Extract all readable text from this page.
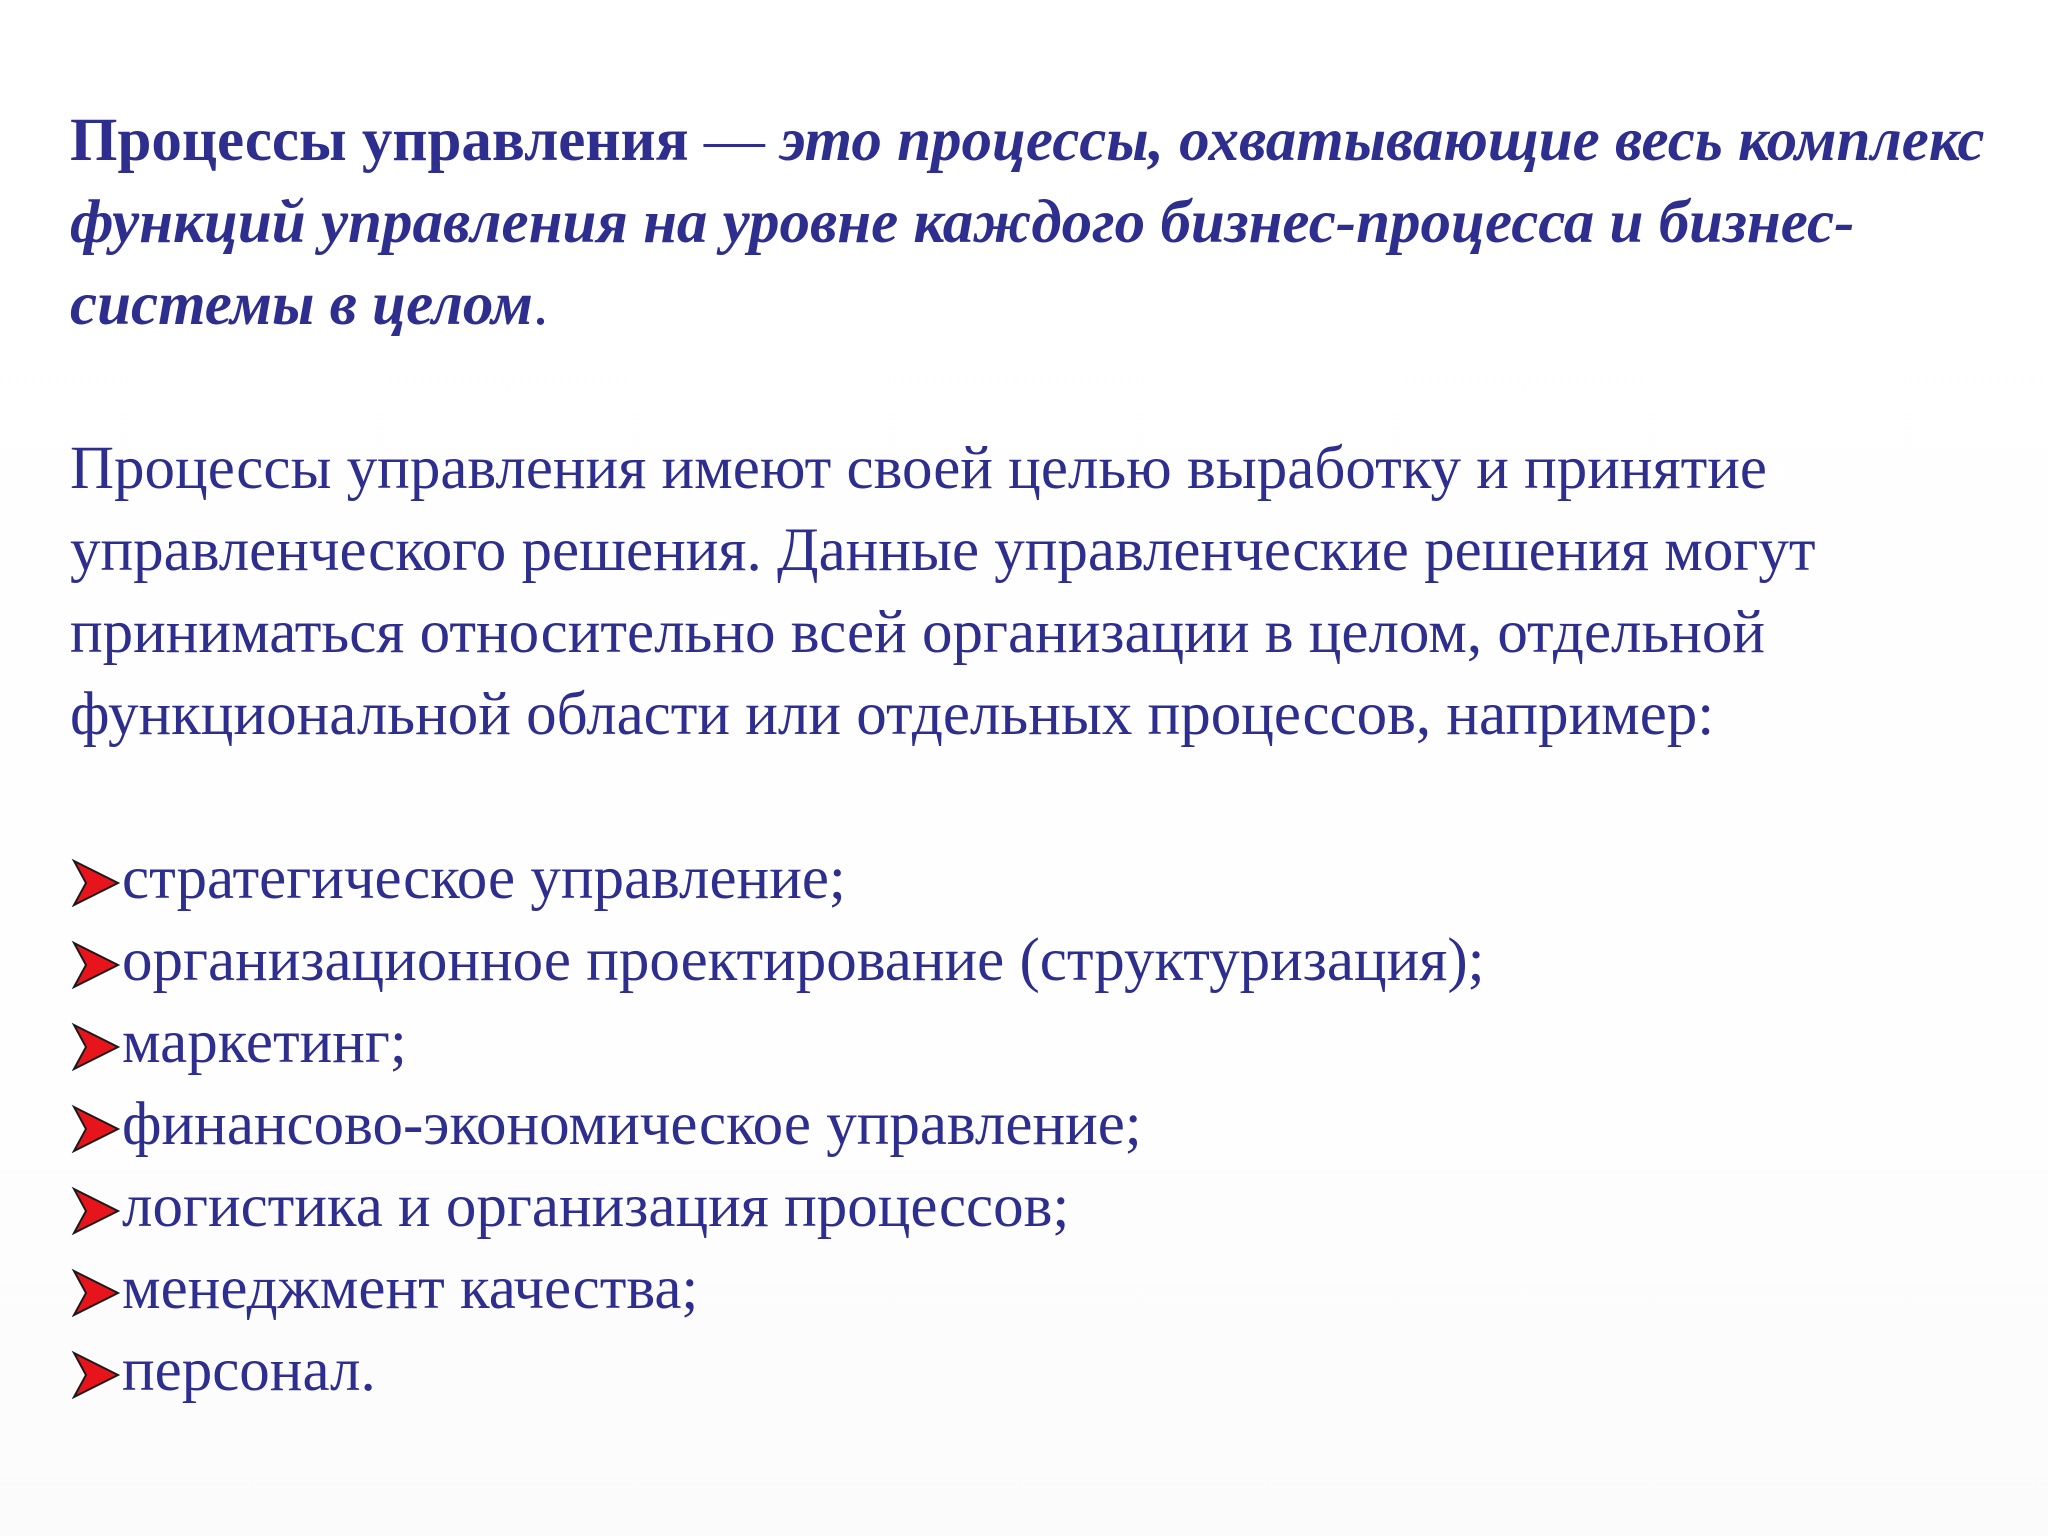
Процессы управления — это процессы, охватывающие весь комплекс функций управления на уровне каждого бизнес-процесса и бизнес-системы в целом.

Процессы управления имеют своей целью выработку и принятие управленческого решения. Данные управленческие решения могут приниматься относительно всей организации в целом, отдельной функциональной области или отдельных процессов, например:

стратегическое управление;
организационное проектирование (структуризация);
маркетинг;
финансово-экономическое управление;
логистика и организация процессов;
менеджмент качества;
персонал.
